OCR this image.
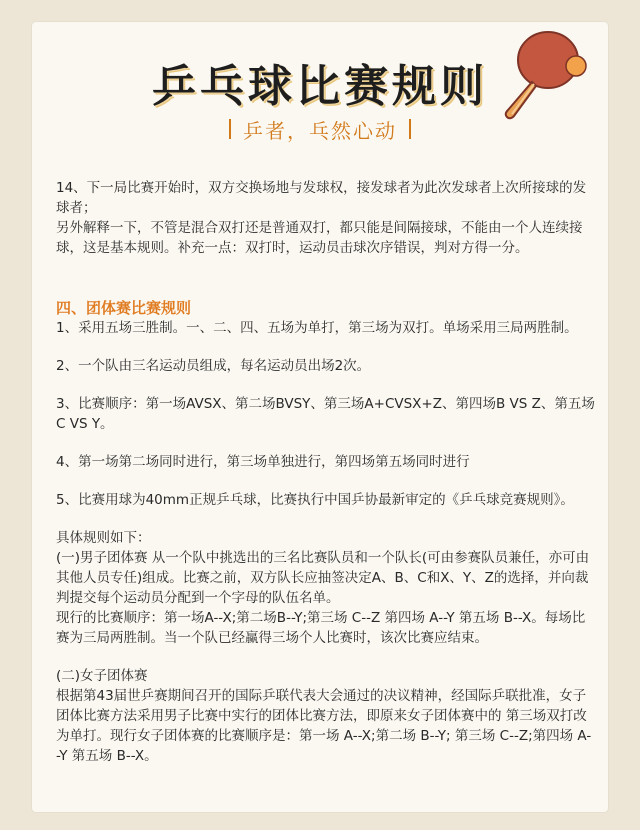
乒乓球比赛规则
乒者，乓然心动

14、下一局比赛开始时，双方交换场地与发球权，接发球者为此次发球者上次所接球的发球者；

另外解释一下，不管是混合双打还是普通双打，都只能是间隔接球，不能由一个人连续接球，这是基本规则。补充一点：双打时，运动员击球次序错误，判对方得一分。

四、团体赛比赛规则

1、采用五场三胜制。一、二、四、五场为单打，第三场为双打。单场采用三局两胜制。

2、一个队由三名运动员组成，每名运动员出场2次。

3、比赛顺序：第一场AVSX、第二场BVSY、第三场A+CVSX+Z、第四场B VS Z、第五场C VS Y。

4、第一场第二场同时进行，第三场单独进行，第四场第五场同时进行

5、比赛用球为40mm正规乒乓球，比赛执行中国乒协最新审定的《乒乓球竞赛规则》。

具体规则如下：

(一)男子团体赛 从一个队中挑选出的三名比赛队员和一个队长(可由参赛队员兼任，亦可由其他人员专任)组成。比赛之前，双方队长应抽签决定A、B、C和X、Y、Z的选择，并向裁判提交每个运动员分配到一个字母的队伍名单。

现行的比赛顺序：第一场A--X;第二场B--Y;第三场 C--Z 第四场 A--Y 第五场 B--X。每场比赛为三局两胜制。当一个队已经赢得三场个人比赛时，该次比赛应结束。

(二)女子团体赛

根据第43届世乒赛期间召开的国际乒联代表大会通过的决议精神，经国际乒联批准，女子团体比赛方法采用男子比赛中实行的团体比赛方法，即原来女子团体赛中的 第三场双打改为单打。现行女子团体赛的比赛顺序是：第一场 A--X;第二场 B--Y; 第三场 C--Z;第四场 A--Y 第五场 B--X。
